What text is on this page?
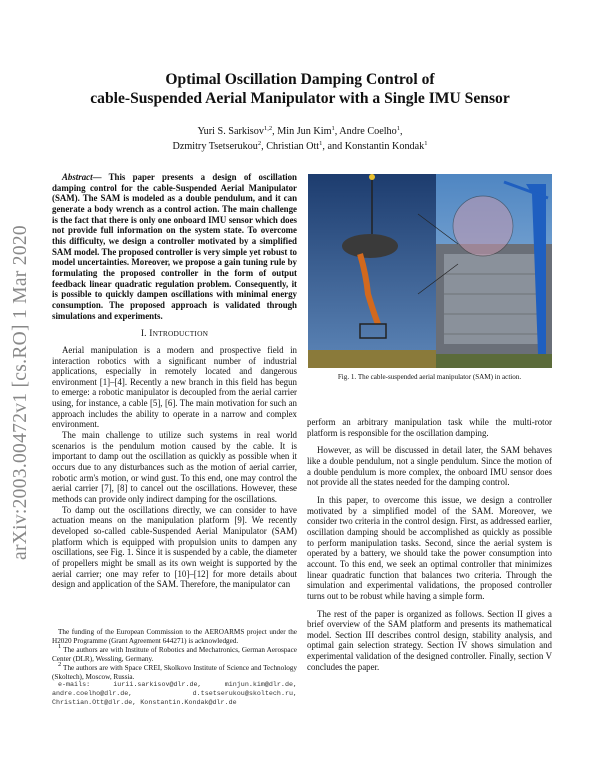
arXiv:2003.00472v1 [cs.RO] 1 Mar 2020
Optimal Oscillation Damping Control of
cable-Suspended Aerial Manipulator with a Single IMU Sensor
Yuri S. Sarkisov$^{1,2}$, Min Jun Kim$^1$, Andre Coelho$^1$,
Dzmitry Tsetserukou$^2$, Christian Ott$^1$, and Konstantin Kondak$^1$

Abstract— This paper presents a design of oscillation damping control for the cable-Suspended Aerial Manipulator (SAM). The SAM is modeled as a double pendulum, and it can generate a body wrench as a control action. The main challenge is the fact that there is only one onboard IMU sensor which does not provide full information on the system state. To overcome this difficulty, we design a controller motivated by a simplified SAM model. The proposed controller is very simple yet robust to model uncertainties. Moreover, we propose a gain tuning rule by formulating the proposed controller in the form of output feedback linear quadratic regulation problem. Consequently, it is possible to quickly dampen oscillations with minimal energy consumption. The proposed approach is validated through simulations and experiments.

I. INTRODUCTION

Aerial manipulation is a modern and prospective field in interaction robotics with a significant number of industrial applications, especially in remotely located and dangerous environment [1]–[4]. Recently a new branch in this field has begun to emerge: a robotic manipulator is decoupled from the aerial carrier using, for instance, a cable [5], [6]. The main motivation for such an approach includes the ability to operate in a narrow and complex environment.

The main challenge to utilize such systems in real world scenarios is the pendulum motion caused by the cable. It is important to damp out the oscillation as quickly as possible when it occurs due to any disturbances such as the motion of aerial carrier, robotic arm's motion, or wind gust. To this end, one may control the aerial carrier [7], [8] to cancel out the oscillations. However, these methods can provide only indirect damping for the oscillations.

To damp out the oscillations directly, we can consider to have actuation means on the manipulation platform [9]. We recently developed so-called cable-Suspended Aerial Manipulator (SAM) platform which is equipped with propulsion units to dampen any oscillations, see Fig. 1. Since it is suspended by a cable, the diameter of propellers might be small as its own weight is supported by the aerial carrier; one may refer to [10]–[12] for more details about design and application of the SAM. Therefore, the manipulator can

The funding of the European Commission to the AEROARMS project under the H2020 Programme (Grant Agreement 644271) is acknowledged.

$^1$ The authors are with Institute of Robotics and Mechatronics, German Aerospace Center (DLR), Wessling, Germany.

$^2$ The authors are with Space CREI, Skolkovo Institute of Science and Technology (Skoltech), Moscow, Russia.

e-mails: iurii.sarkisov@dlr.de, minjun.kim@dlr.de, andre.coelho@dlr.de, d.tsetserukou@skoltech.ru, Christian.Ott@dlr.de, Konstantin.Kondak@dlr.de

Fig. 1. The cable-suspended aerial manipulator (SAM) in action.

perform an arbitrary manipulation task while the multi-rotor platform is responsible for the oscillation damping.

However, as will be discussed in detail later, the SAM behaves like a double pendulum, not a single pendulum. Since the motion of a double pendulum is more complex, the onboard IMU sensor does not provide all the states needed for the damping control.

In this paper, to overcome this issue, we design a controller motivated by a simplified model of the SAM. Moreover, we consider two criteria in the control design. First, as addressed earlier, oscillation damping should be accomplished as quickly as possible to perform manipulation tasks. Second, since the aerial system is operated by a battery, we should take the power consumption into account. To this end, we seek an optimal controller that minimizes linear quadratic function that balances two criteria. Through the simulation and experimental validations, the proposed controller turns out to be robust while having a simple form.

The rest of the paper is organized as follows. Section II gives a brief overview of the SAM platform and presents its mathematical model. Section III describes control design, stability analysis, and optimal gain selection strategy. Section IV shows simulation and experimental validation of the designed controller. Finally, section V concludes the paper.
